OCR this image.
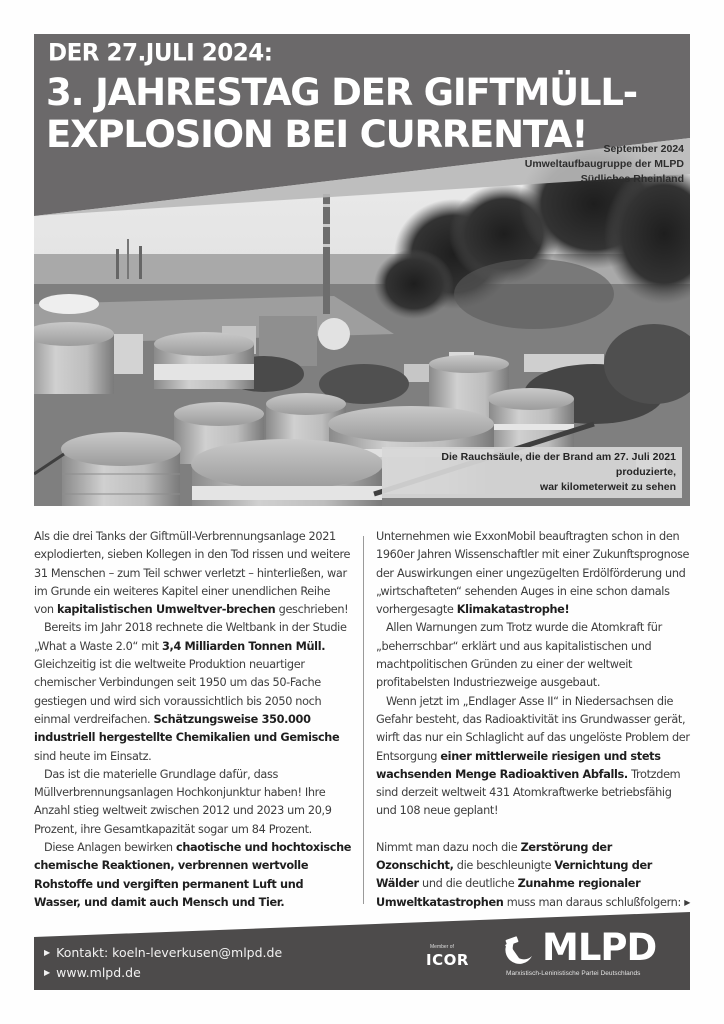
DER 27.JULI 2024:
3. JAHRESTAG DER GIFTMÜLL-
EXPLOSION BEI CURRENTA!	September 2024
Umweltaufbaugruppe der MLPD
Südliches Rheinland
Die Rauchsäule, die der Brand am 27. Juli 2021 produzierte,
war kilometerweit zu sehen

Als die drei Tanks der Giftmüll-Verbrennungsanlage 2021 explodierten, sieben Kollegen in den Tod rissen und weitere 31 Menschen – zum Teil schwer verletzt – hinterließen, war im Grunde ein weiteres Kapitel einer unendlichen Reihe von kapitalistischen Umweltver-brechen geschrieben!

Bereits im Jahr 2018 rechnete die Weltbank in der Studie „What a Waste 2.0“ mit 3,4 Milliarden Tonnen Müll. Gleichzeitig ist die weltweite Produktion neuartiger chemischer Verbindungen seit 1950 um das 50-Fache gestiegen und wird sich voraussichtlich bis 2050 noch einmal verdreifachen. Schätzungsweise 350.000 industriell hergestellte Chemikalien und Gemische sind heute im Einsatz.

Das ist die materielle Grundlage dafür, dass Müllverbrennungsanlagen Hochkonjunktur haben! Ihre Anzahl stieg weltweit zwischen 2012 und 2023 um 20,9 Prozent, ihre Gesamtkapazität sogar um 84 Prozent.

Diese Anlagen bewirken chaotische und hochtoxische chemische Reaktionen, verbrennen wertvolle Rohstoffe und vergiften permanent Luft und Wasser, und damit auch Mensch und Tier.

Unternehmen wie ExxonMobil beauftragten schon in den 1960er Jahren Wissenschaftler mit einer Zukunftsprognose der Auswirkungen einer ungezügelten Erdölförderung und „wirtschafteten“ sehenden Auges in eine schon damals vorhergesagte Klimakatastrophe!

Allen Warnungen zum Trotz wurde die Atomkraft für „beherrschbar“ erklärt und aus kapitalistischen und machtpolitischen Gründen zu einer der weltweit profitabelsten Industriezweige ausgebaut.

Wenn jetzt im „Endlager Asse II“ in Niedersachsen die Gefahr besteht, das Radioaktivität ins Grundwasser gerät, wirft das nur ein Schlaglicht auf das ungelöste Problem der Entsorgung einer mittlerweile riesigen und stets wachsenden Menge Radioaktiven Abfalls. Trotzdem sind derzeit weltweit 431 Atomkraftwerke betriebsfähig und 108 neue geplant!

Nimmt man dazu noch die Zerstörung der Ozonschicht, die beschleunigte Vernichtung der Wälder und die deutliche Zunahme regionaler Umweltkatastrophen muss man daraus schlußfolgern: ▶

▶ Kontakt: koeln-leverkusen@mlpd.de
▶ www.mlpd.de
Member of
ICOR MLPD
Marxistisch-Leninistische Partei Deutschlands
